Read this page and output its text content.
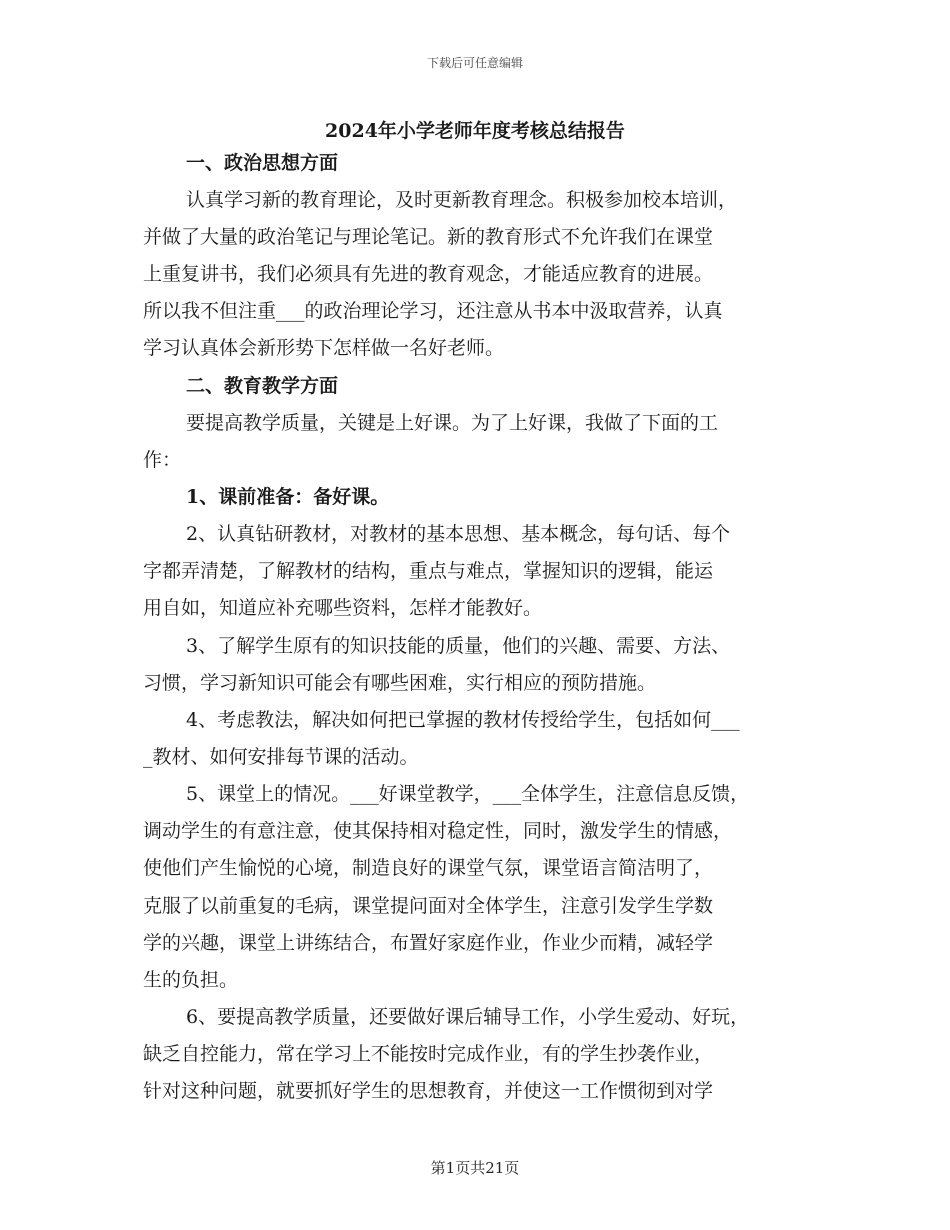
下载后可任意编辑
2024年小学老师年度考核总结报告
一、政治思想方面
认真学习新的教育理论，及时更新教育理念。积极参加校本培训，
并做了大量的政治笔记与理论笔记。新的教育形式不允许我们在课堂
上重复讲书，我们必须具有先进的教育观念，才能适应教育的进展。
所以我不但注重___的政治理论学习，还注意从书本中汲取营养，认真
学习认真体会新形势下怎样做一名好老师。
二、教育教学方面
要提高教学质量，关键是上好课。为了上好课，我做了下面的工
作：
1、课前准备：备好课。
2、认真钻研教材，对教材的基本思想、基本概念，每句话、每个
字都弄清楚，了解教材的结构，重点与难点，掌握知识的逻辑，能运
用自如，知道应补充哪些资料，怎样才能教好。
3、了解学生原有的知识技能的质量，他们的兴趣、需要、方法、
习惯，学习新知识可能会有哪些困难，实行相应的预防措施。
4、考虑教法，解决如何把已掌握的教材传授给学生，包括如何___
_教材、如何安排每节课的活动。
5、课堂上的情况。___好课堂教学，___全体学生，注意信息反馈，
调动学生的有意注意，使其保持相对稳定性，同时，激发学生的情感，
使他们产生愉悦的心境，制造良好的课堂气氛，课堂语言简洁明了，
克服了以前重复的毛病，课堂提问面对全体学生，注意引发学生学数
学的兴趣，课堂上讲练结合，布置好家庭作业，作业少而精，减轻学
生的负担。
6、要提高教学质量，还要做好课后辅导工作，小学生爱动、好玩，
缺乏自控能力，常在学习上不能按时完成作业，有的学生抄袭作业，
针对这种问题，就要抓好学生的思想教育，并使这一工作惯彻到对学
第1页共21页
